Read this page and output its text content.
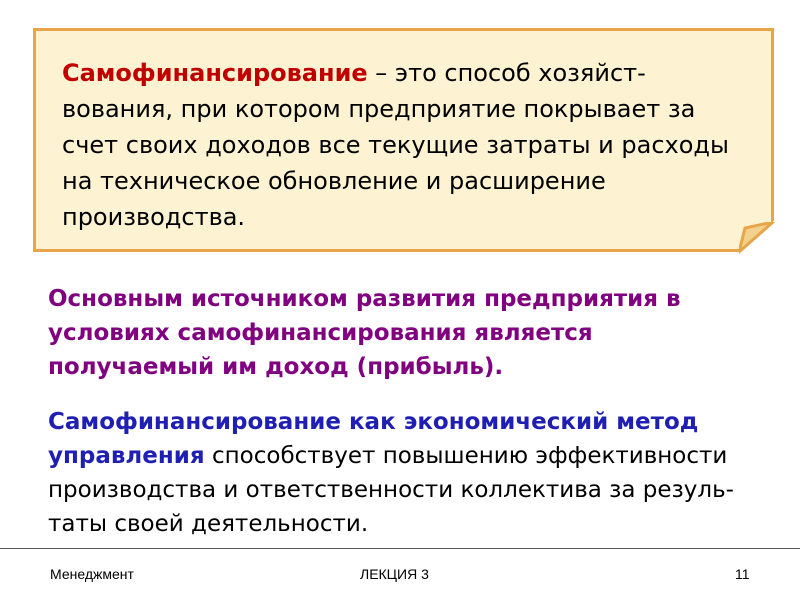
Самофинансирование – это способ хозяйст-
вования, при котором предприятие покрывает за
счет своих доходов все текущие затраты и расходы
на техническое обновление и расширение
производства.

Основным источником развития предприятия в
условиях самофинансирования является
получаемый им доход (прибыль).

Самофинансирование как экономический метод
управления способствует повышению эффективности
производства и ответственности коллектива за резуль-
таты своей деятельности.

Менеджмент	ЛЕКЦИЯ 3	11
